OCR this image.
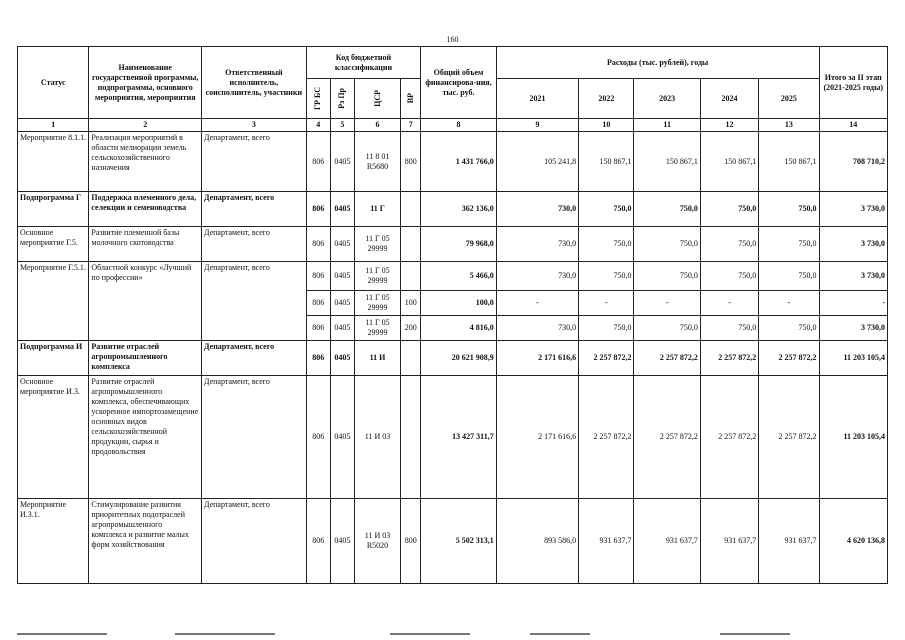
160
Статус	Наименование государственной программы, подпрограммы, основного мероприятия, мероприятия	Ответственный исполнитель, соисполнитель, участники	Код бюджетной классификации				Общий объем финансирова-ния, тыс. руб.	Расходы (тыс. рублей), годы					Итого за II этап (2021-2025 годы)

			ГР БС	Рз Пр	ЦСР	ВР		2021	2022	2023	2024	2025	
1	2	3	4	5	6	7	8	9	10	11	12	13	14
Мероприятие 8.1.1.	Реализация мероприятий в области мелиорации земель сельскохозяйственного назначения	Департамент, всего	806	0405	11 8 01 R5680	800	1 431 766,0	105 241,8	150 867,1	150 867,1	150 867,1	150 867,1	708 710,2
Подпрограмма Г	Поддержка племенного дела, селекции и семеноводства	Департамент, всего	806	0405	11 Г		362 136,0	730,0	750,0	750,0	750,0	750,0	3 730,0
Основное мероприятие Г.5.	Развитие племенной базы молочного скотоводства	Департамент, всего	806	0405	11 Г 05 29999		79 968,0	730,0	750,0	750,0	750,0	750,0	3 730,0
Мероприятие Г.5.1.	Областной конкурс «Лучший по профессии»	Департамент, всего	806	0405	11 Г 05 29999		5 466,0	730,0	750,0	750,0	750,0	750,0	3 730,0
			806	0405	11 Г 05 29999	100	100,0	-	-	-	-	-	-
			806	0405	11 Г 05 29999	200	4 816,0	730,0	750,0	750,0	750,0	750,0	3 730,0
Подпрограмма И	Развитие отраслей агропромышленного комплекса	Департамент, всего	806	0405	11 И		20 621 908,9	2 171 616,6	2 257 872,2	2 257 872,2	2 257 872,2	2 257 872,2	11 203 105,4
Основное мероприятие И.3.	Развитие отраслей агропромышленного комплекса, обеспечивающих ускоренное импортозамещение основных видов сельскохозяйственной продукции, сырья и продовольствия	Департамент, всего	806	0405	11 И 03		13 427 311,7	2 171 616,6	2 257 872,2	2 257 872,2	2 257 872,2	2 257 872,2	11 203 105,4
Мероприятие И.3.1.	Стимулирование развития приоритетных подотраслей агропромышленного комплекса и развитие малых форм хозяйствования	Департамент, всего	806	0405	11 И 03 R5020	800	5 502 313,1	893 586,0	931 637,7	931 637,7	931 637,7	931 637,7	4 620 136,8
